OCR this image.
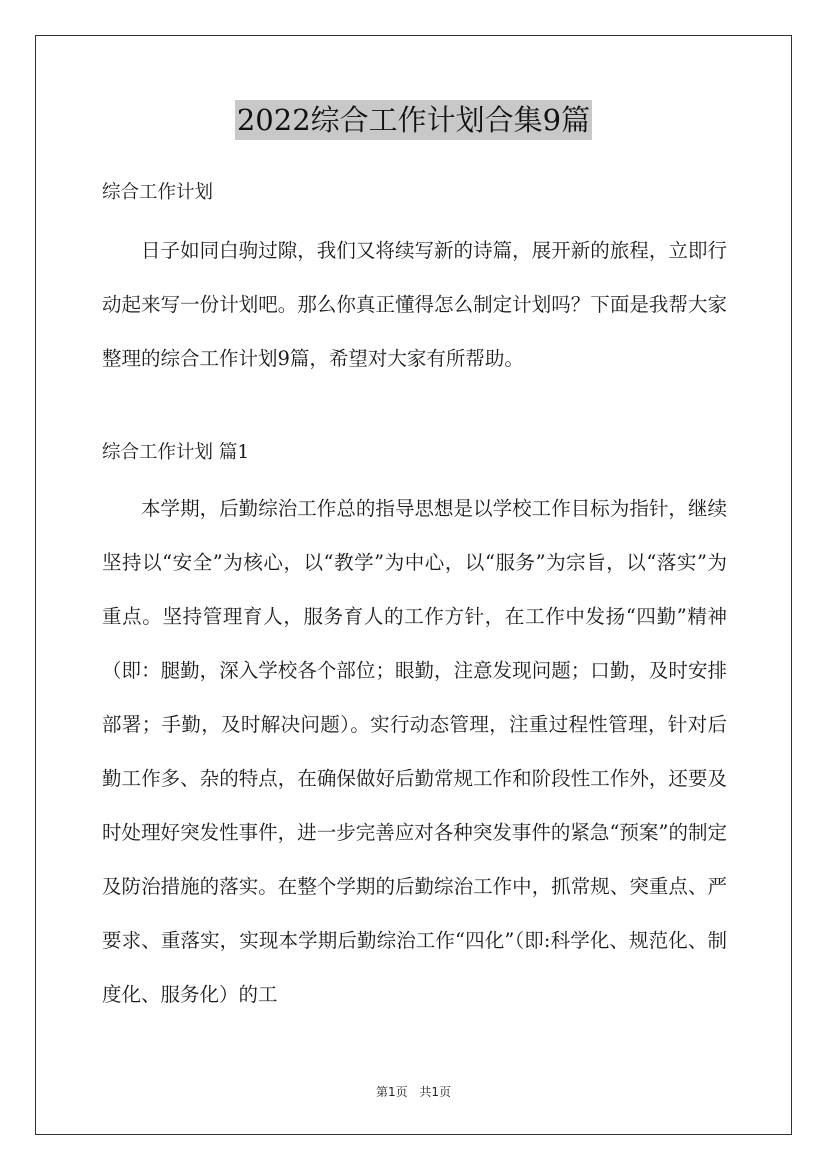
2022综合工作计划合集9篇

综合工作计划

日子如同白驹过隙，我们又将续写新的诗篇，展开新的旅程，立即行动起来写一份计划吧。那么你真正懂得怎么制定计划吗？下面是我帮大家整理的综合工作计划9篇，希望对大家有所帮助。

综合工作计划 篇1

本学期，后勤综治工作总的指导思想是以学校工作目标为指针，继续坚持以“安全”为核心，以“教学”为中心，以“服务”为宗旨，以“落实”为重点。坚持管理育人，服务育人的工作方针，在工作中发扬“四勤”精神（即：腿勤，深入学校各个部位；眼勤，注意发现问题；口勤，及时安排部署；手勤，及时解决问题）。实行动态管理，注重过程性管理，针对后勤工作多、杂的特点，在确保做好后勤常规工作和阶段性工作外，还要及时处理好突发性事件，进一步完善应对各种突发事件的紧急“预案”的制定及防治措施的落实。在整个学期的后勤综治工作中，抓常规、突重点、严要求、重落实，实现本学期后勤综治工作“四化”（即:科学化、规范化、制度化、服务化）的工

第1页 共1页
